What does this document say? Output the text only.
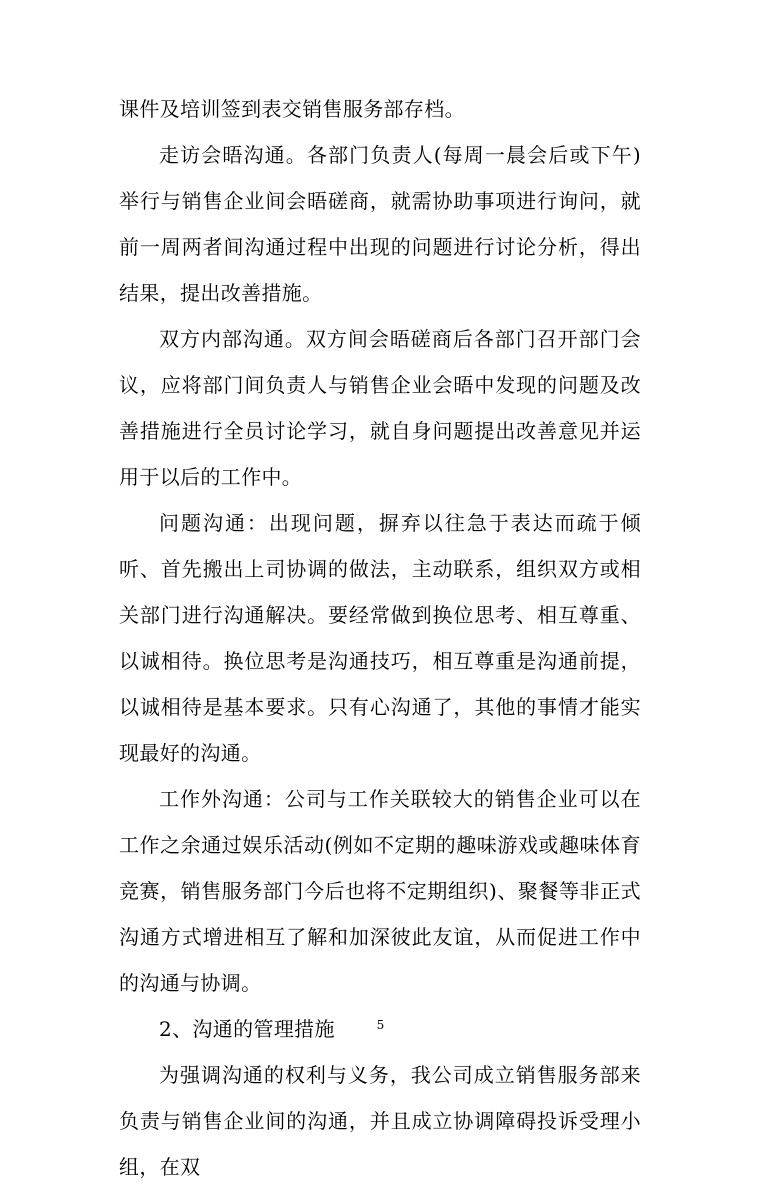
课件及培训签到表交销售服务部存档。

走访会晤沟通。各部门负责人(每周一晨会后或下午)举行与销售企业间会晤磋商，就需协助事项进行询问，就前一周两者间沟通过程中出现的问题进行讨论分析，得出结果，提出改善措施。

双方内部沟通。双方间会晤磋商后各部门召开部门会议，应将部门间负责人与销售企业会晤中发现的问题及改善措施进行全员讨论学习，就自身问题提出改善意见并运用于以后的工作中。

问题沟通：出现问题，摒弃以往急于表达而疏于倾听、首先搬出上司协调的做法，主动联系，组织双方或相关部门进行沟通解决。要经常做到换位思考、相互尊重、以诚相待。换位思考是沟通技巧，相互尊重是沟通前提，以诚相待是基本要求。只有心沟通了，其他的事情才能实现最好的沟通。

工作外沟通：公司与工作关联较大的销售企业可以在工作之余通过娱乐活动(例如不定期的趣味游戏或趣味体育竞赛，销售服务部门今后也将不定期组织)、聚餐等非正式沟通方式增进相互了解和加深彼此友谊，从而促进工作中的沟通与协调。

2、沟通的管理措施

为强调沟通的权利与义务，我公司成立销售服务部来负责与销售企业间的沟通，并且成立协调障碍投诉受理小组，在双

5
